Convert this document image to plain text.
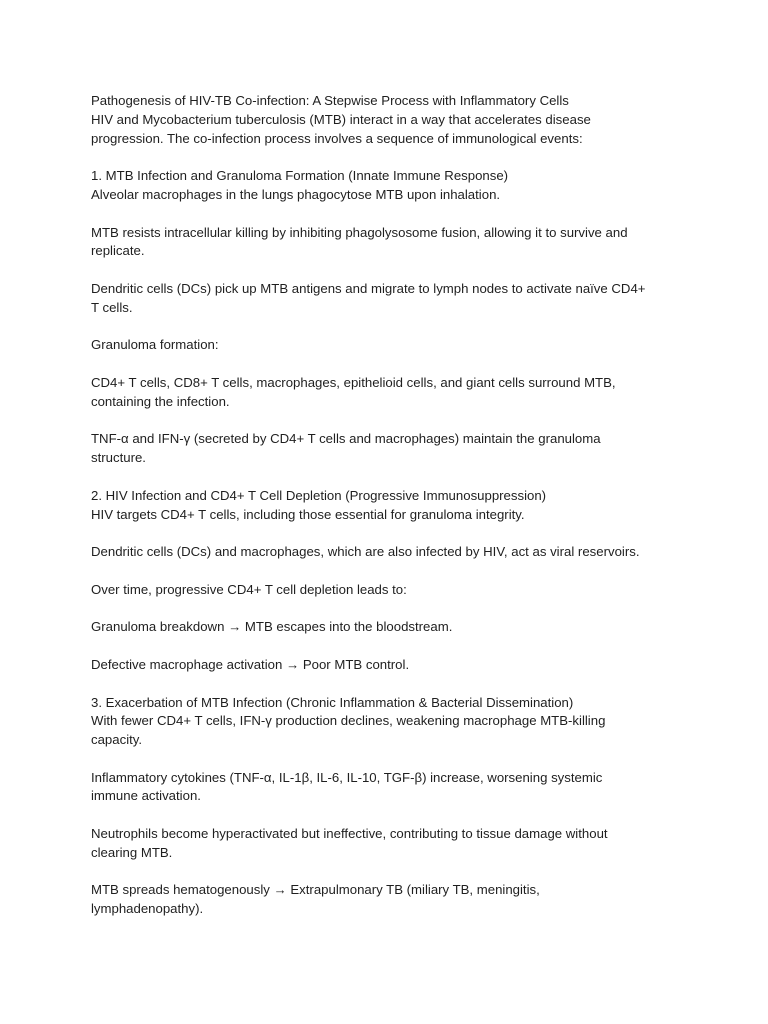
Pathogenesis of HIV-TB Co-infection: A Stepwise Process with Inflammatory Cells
HIV and Mycobacterium tuberculosis (MTB) interact in a way that accelerates disease
progression. The co-infection process involves a sequence of immunological events:

1. MTB Infection and Granuloma Formation (Innate Immune Response)
Alveolar macrophages in the lungs phagocytose MTB upon inhalation.

MTB resists intracellular killing by inhibiting phagolysosome fusion, allowing it to survive and
replicate.

Dendritic cells (DCs) pick up MTB antigens and migrate to lymph nodes to activate naïve CD4+
T cells.

Granuloma formation:

CD4+ T cells, CD8+ T cells, macrophages, epithelioid cells, and giant cells surround MTB,
containing the infection.

TNF-α and IFN-γ (secreted by CD4+ T cells and macrophages) maintain the granuloma
structure.

2. HIV Infection and CD4+ T Cell Depletion (Progressive Immunosuppression)
HIV targets CD4+ T cells, including those essential for granuloma integrity.

Dendritic cells (DCs) and macrophages, which are also infected by HIV, act as viral reservoirs.

Over time, progressive CD4+ T cell depletion leads to:

Granuloma breakdown → MTB escapes into the bloodstream.

Defective macrophage activation → Poor MTB control.

3. Exacerbation of MTB Infection (Chronic Inflammation & Bacterial Dissemination)
With fewer CD4+ T cells, IFN-γ production declines, weakening macrophage MTB-killing
capacity.

Inflammatory cytokines (TNF-α, IL-1β, IL-6, IL-10, TGF-β) increase, worsening systemic
immune activation.

Neutrophils become hyperactivated but ineffective, contributing to tissue damage without
clearing MTB.

MTB spreads hematogenously → Extrapulmonary TB (miliary TB, meningitis,
lymphadenopathy).
